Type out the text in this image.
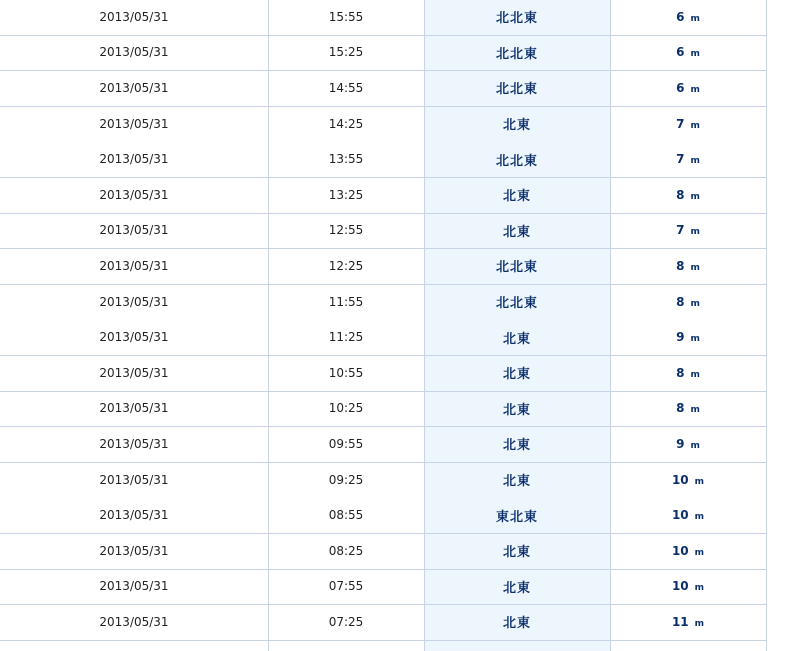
2013/05/31	15:55	北北東	6 m
2013/05/31	15:25	北北東	6 m
2013/05/31	14:55	北北東	6 m
2013/05/31	14:25	北東	7 m
2013/05/31	13:55	北北東	7 m
2013/05/31	13:25	北東	8 m
2013/05/31	12:55	北東	7 m
2013/05/31	12:25	北北東	8 m
2013/05/31	11:55	北北東	8 m
2013/05/31	11:25	北東	9 m
2013/05/31	10:55	北東	8 m
2013/05/31	10:25	北東	8 m
2013/05/31	09:55	北東	9 m
2013/05/31	09:25	北東	10 m
2013/05/31	08:55	東北東	10 m
2013/05/31	08:25	北東	10 m
2013/05/31	07:55	北東	10 m
2013/05/31	07:25	北東	11 m
